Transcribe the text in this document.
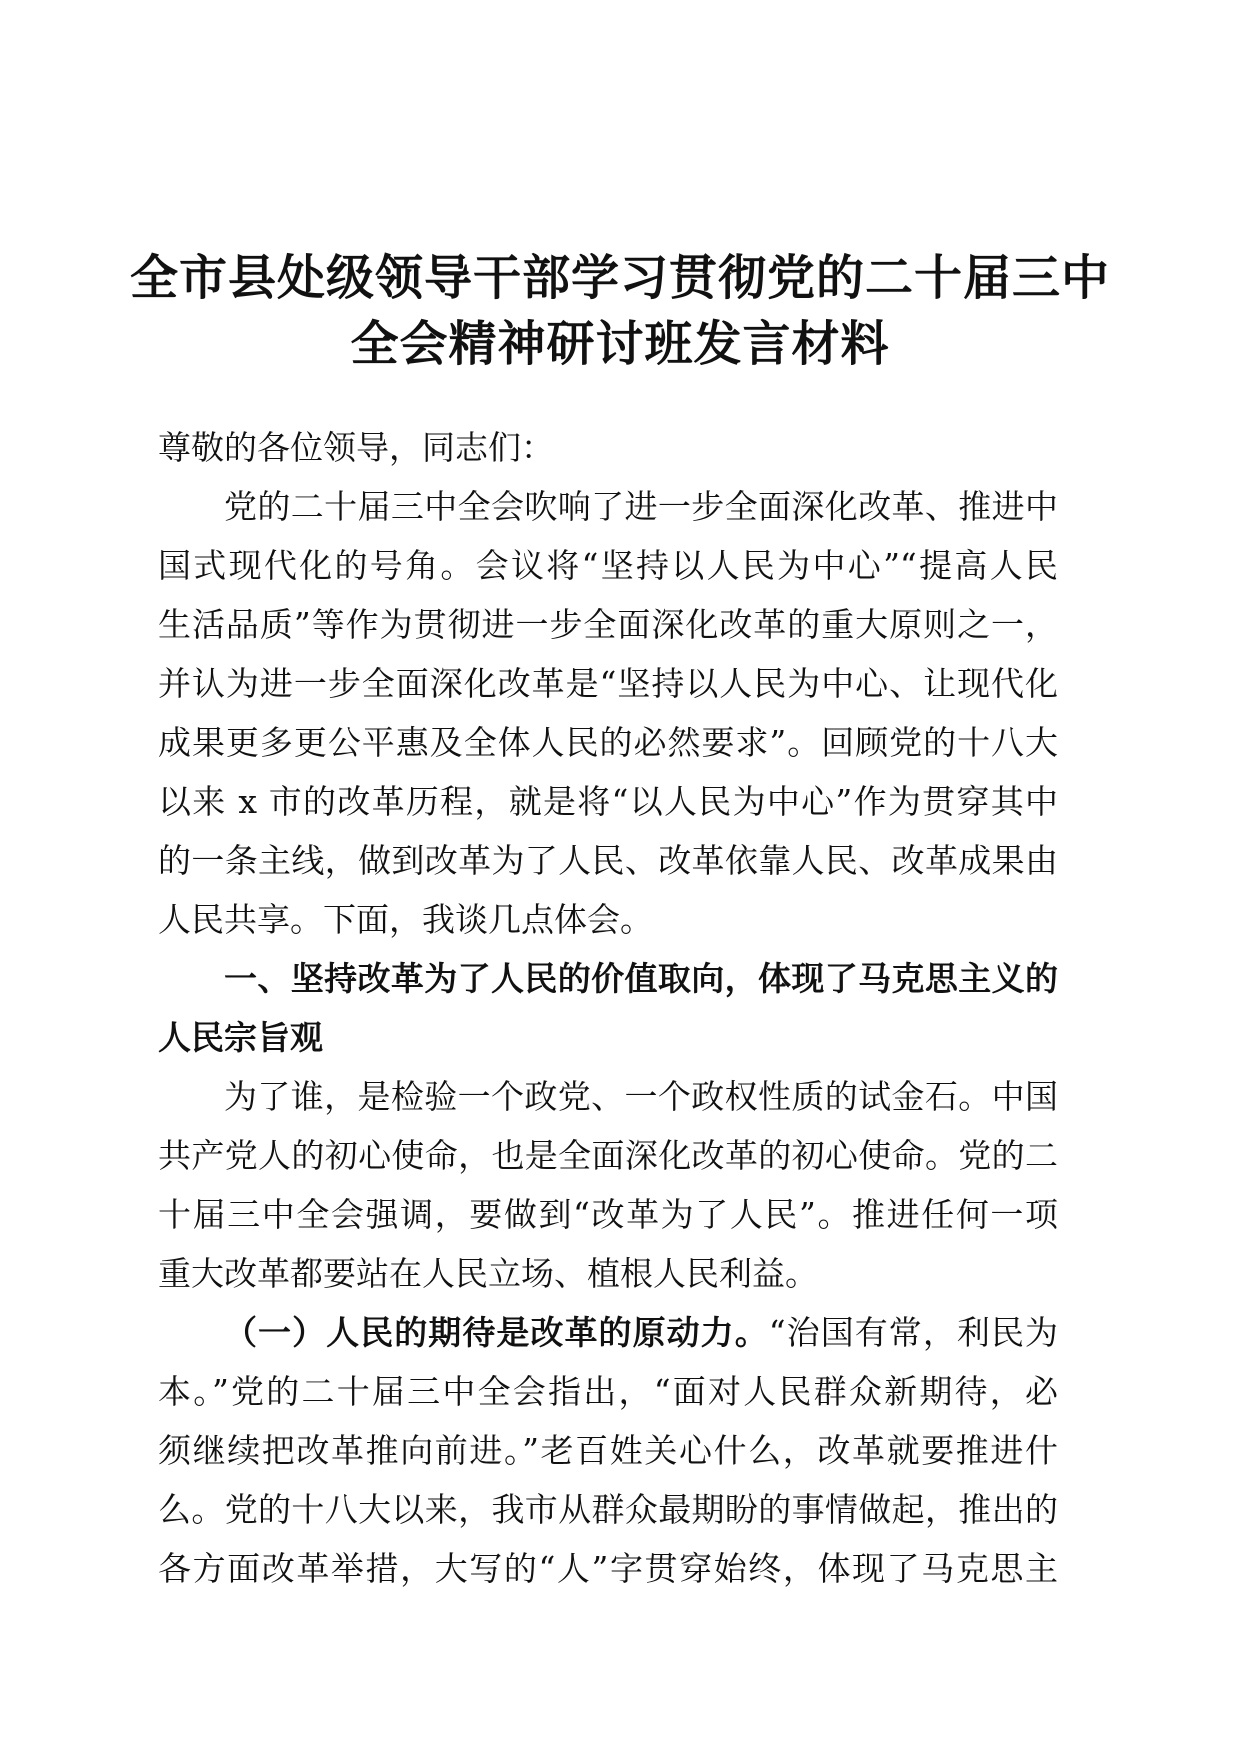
全市县处级领导干部学习贯彻党的二十届三中
全会精神研讨班发言材料
尊敬的各位领导，同志们：
党的二十届三中全会吹响了进一步全面深化改革、推进中
国式现代化的号角。会议将“坚持以人民为中心”“提高人民
生活品质”等作为贯彻进一步全面深化改革的重大原则之一，
并认为进一步全面深化改革是“坚持以人民为中心、让现代化
成果更多更公平惠及全体人民的必然要求”。回顾党的十八大
以来 x 市的改革历程，就是将“以人民为中心”作为贯穿其中
的一条主线，做到改革为了人民、改革依靠人民、改革成果由
人民共享。下面，我谈几点体会。
一、坚持改革为了人民的价值取向，体现了马克思主义的
人民宗旨观
为了谁，是检验一个政党、一个政权性质的试金石。中国
共产党人的初心使命，也是全面深化改革的初心使命。党的二
十届三中全会强调，要做到“改革为了人民”。推进任何一项
重大改革都要站在人民立场、植根人民利益。
（一）人民的期待是改革的原动力。“治国有常，利民为
本。”党的二十届三中全会指出，“面对人民群众新期待，必
须继续把改革推向前进。”老百姓关心什么，改革就要推进什
么。党的十八大以来，我市从群众最期盼的事情做起，推出的
各方面改革举措，大写的“人”字贯穿始终，体现了马克思主
